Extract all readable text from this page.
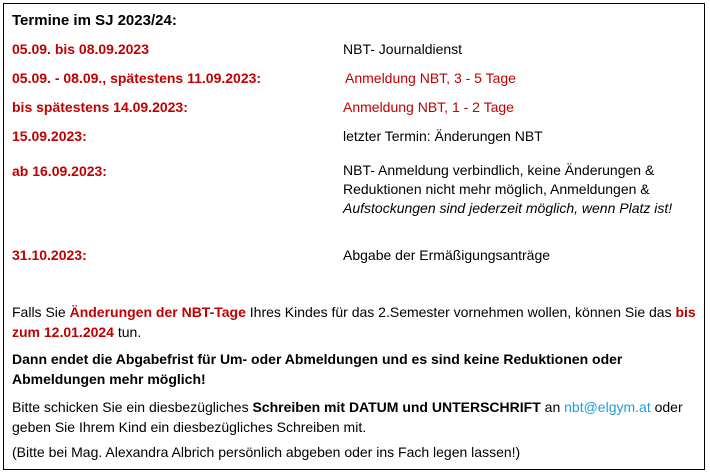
Termine im SJ 2023/24:
05.09. bis 08.09.2023	NBT- Journaldienst
05.09. - 08.09., spätestens 11.09.2023:	Anmeldung NBT, 3 - 5 Tage
bis spätestens 14.09.2023:	Anmeldung NBT, 1 - 2 Tage
15.09.2023:	letzter Termin: Änderungen NBT
ab 16.09.2023:	NBT- Anmeldung verbindlich, keine Änderungen &
Reduktionen nicht mehr möglich, Anmeldungen &
Aufstockungen sind jederzeit möglich, wenn Platz ist!
31.10.2023:	Abgabe der Ermäßigungsanträge
Falls Sie Änderungen der NBT-Tage Ihres Kindes für das 2.Semester vornehmen wollen, können Sie das bis zum 12.01.2024 tun.
Dann endet die Abgabefrist für Um- oder Abmeldungen und es sind keine Reduktionen oder Abmeldungen mehr möglich!
Bitte schicken Sie ein diesbezügliches Schreiben mit DATUM und UNTERSCHRIFT an nbt@elgym.at oder geben Sie Ihrem Kind ein diesbezügliches Schreiben mit.
(Bitte bei Mag. Alexandra Albrich persönlich abgeben oder ins Fach legen lassen!)
